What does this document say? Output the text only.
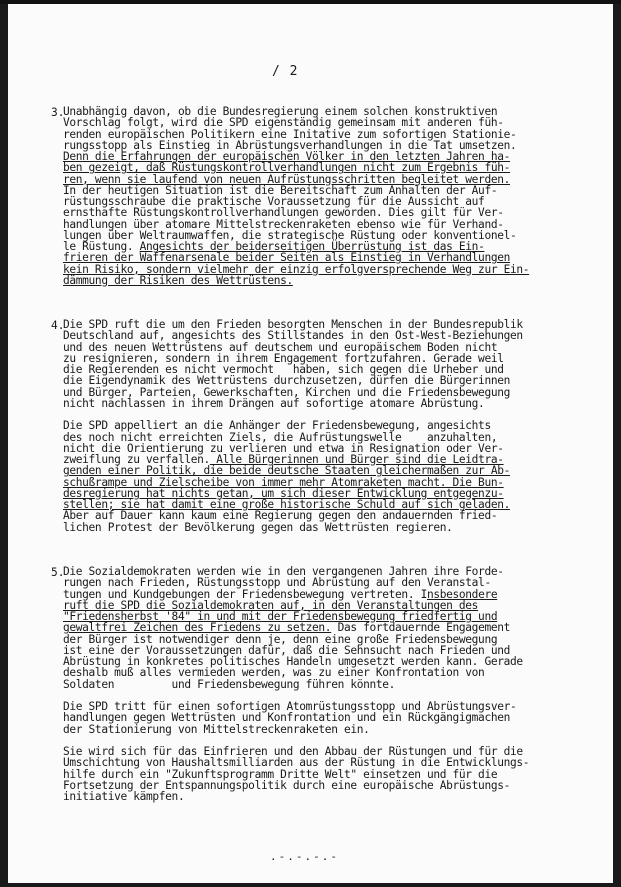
/ 2
3.
Unabhängig davon, ob die Bundesregierung einem solchen konstruktiven
Vorschlag folgt, wird die SPD eigenständig gemeinsam mit anderen füh-
renden europäischen Politikern eine Initative zum sofortigen Stationie-
rungsstopp als Einstieg in Abrüstungsverhandlungen in die Tat umsetzen.
Denn die Erfahrungen der europäischen Völker in den letzten Jahren ha-
ben gezeigt, daß Rüstungskontrollverhandlungen nicht zum Ergebnis füh-
ren, wenn sie laufend von neuen Aufrüstungsschritten begleitet werden.
In der heutigen Situation ist die Bereitschaft zum Anhalten der Auf-
rüstungsschraube die praktische Voraussetzung für die Aussicht auf
ernsthafte Rüstungskontrollverhandlungen geworden. Dies gilt für Ver-
handlungen über atomare Mittelstreckenraketen ebenso wie für Verhand-
lungen über Weltraumwaffen, die strategische Rüstung oder konventionel-
le Rüstung. Angesichts der beiderseitigen Überrüstung ist das Ein-
frieren der Waffenarsenale beider Seiten als Einstieg in Verhandlungen
kein Risiko, sondern vielmehr der einzig erfolgversprechende Weg zur Ein-
dämmung der Risiken des Wettrüstens.
4.
Die SPD ruft die um den Frieden besorgten Menschen in der Bundesrepublik
Deutschland auf, angesichts des Stillstandes in den Ost-West-Beziehungen
und des neuen Wettrüstens auf deutschem und europäischem Boden nicht
zu resignieren, sondern in ihrem Engagement fortzufahren. Gerade weil
die Regierenden es nicht vermocht   haben, sich gegen die Urheber und
die Eigendynamik des Wettrüstens durchzusetzen, dürfen die Bürgerinnen
und Bürger, Parteien, Gewerkschaften, Kirchen und die Friedensbewegung
nicht nachlassen in ihrem Drängen auf sofortige atomare Abrüstung.
Die SPD appelliert an die Anhänger der Friedensbewegung, angesichts
des noch nicht erreichten Ziels, die Aufrüstungswelle    anzuhalten,
nicht die Orientierung zu verlieren und etwa in Resignation oder Ver-
zweiflung zu verfallen. Alle Bürgerinnen und Bürger sind die Leidtra-
genden einer Politik, die beide deutsche Staaten gleichermaßen zur Ab-
schußrampe und Zielscheibe von immer mehr Atomraketen macht. Die Bun-
desregierung hat nichts getan, um sich dieser Entwicklung entgegenzu-
stellen; sie hat damit eine große historische Schuld auf sich geladen.
Aber auf Dauer kann kaum eine Regierung gegen den andauernden fried-
lichen Protest der Bevölkerung gegen das Wettrüsten regieren.
5.
Die Sozialdemokraten werden wie in den vergangenen Jahren ihre Forde-
rungen nach Frieden, Rüstungsstopp und Abrüstung auf den Veranstal-
tungen und Kundgebungen der Friedensbewegung vertreten. Insbesondere
ruft die SPD die Sozialdemokraten auf, in den Veranstaltungen des
"Friedensherbst '84" in und mit der Friedensbewegung friedfertig und
gewaltfrei Zeichen des Friedens zu setzen. Das fortdauernde Engagement
der Bürger ist notwendiger denn je, denn eine große Friedensbewegung
ist eine der Voraussetzungen dafür, daß die Sehnsucht nach Frieden und
Abrüstung in konkretes politisches Handeln umgesetzt werden kann. Gerade
deshalb muß alles vermieden werden, was zu einer Konfrontation von
Soldaten         und Friedensbewegung führen könnte.
Die SPD tritt für einen sofortigen Atomrüstungsstopp und Abrüstungsver-
handlungen gegen Wettrüsten und Konfrontation und ein Rückgängigmachen
der Stationierung von Mittelstreckenraketen ein.
Sie wird sich für das Einfrieren und den Abbau der Rüstungen und für die
Umschichtung von Haushaltsmilliarden aus der Rüstung in die Entwicklungs-
hilfe durch ein "Zukunftsprogramm Dritte Welt" einsetzen und für die
Fortsetzung der Entspannungspolitik durch eine europäische Abrüstungs-
initiative kämpfen.
.-.-.-.-
